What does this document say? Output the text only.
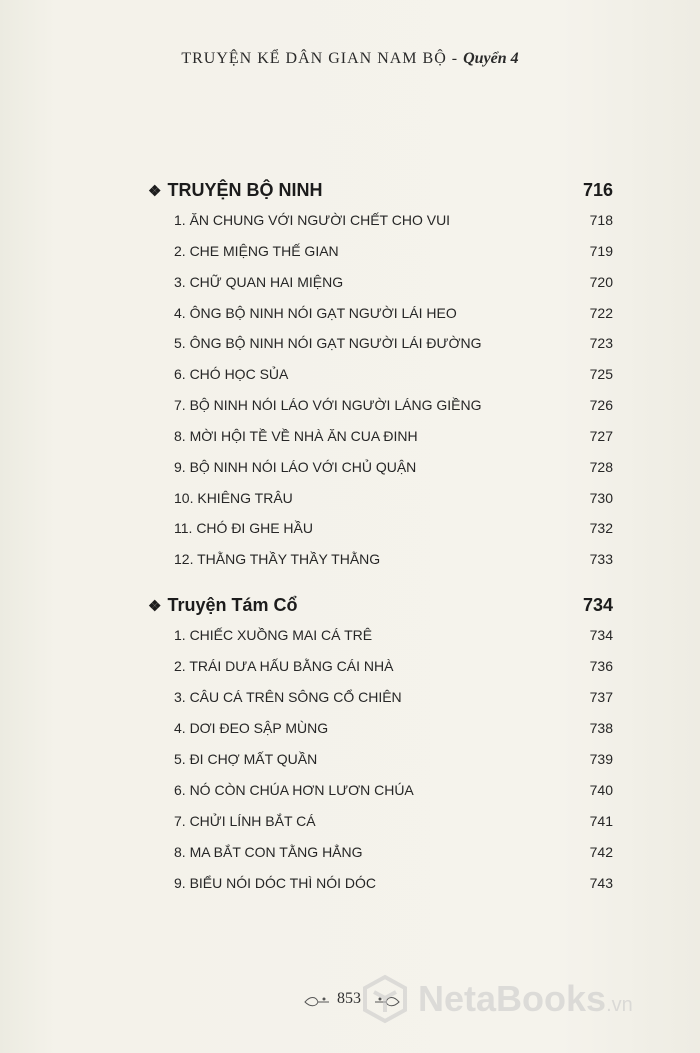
TRUYỆN KỂ DÂN GIAN NAM BỘ - Quyển 4
❖ TRUYỆN BỘ NINH	716
1. ĂN CHUNG VỚI NGƯỜI CHẾT CHO VUI	718
2. CHE MIỆNG THẾ GIAN	719
3. CHỮ QUAN HAI MIỆNG	720
4. ÔNG BỘ NINH NÓI GẠT NGƯỜI LÁI HEO	722
5. ÔNG BỘ NINH NÓI GẠT NGƯỜI LÁI ĐƯỜNG	723
6. CHÓ HỌC SỦA	725
7. BỘ NINH NÓI LÁO VỚI NGƯỜI LÁNG GIỀNG	726
8. MỜI HỘI TỀ VỀ NHÀ ĂN CUA ĐINH	727
9. BỘ NINH NÓI LÁO VỚI CHỦ QUẬN	728
10. KHIÊNG TRÂU	730
11. CHÓ ĐI GHE HẦU	732
12. THẰNG THẦY THẦY THẰNG	733
❖ Truyện Tám Cổ	734
1. CHIẾC XUỒNG MAI CÁ TRÊ	734
2. TRÁI DƯA HẤU BẰNG CÁI NHÀ	736
3. CÂU CÁ TRÊN SÔNG CỔ CHIÊN	737
4. DƠI ĐEO SẬP MÙNG	738
5. ĐI CHỢ MẤT QUẦN	739
6. NÓ CÒN CHÚA HƠN LƯƠN CHÚA	740
7. CHỬI LÍNH BẮT CÁ	741
8. MA BẮT CON TẰNG HẲNG	742
9. BIỂU NÓI DÓC THÌ NÓI DÓC	743
853 NetaBooks.vn
